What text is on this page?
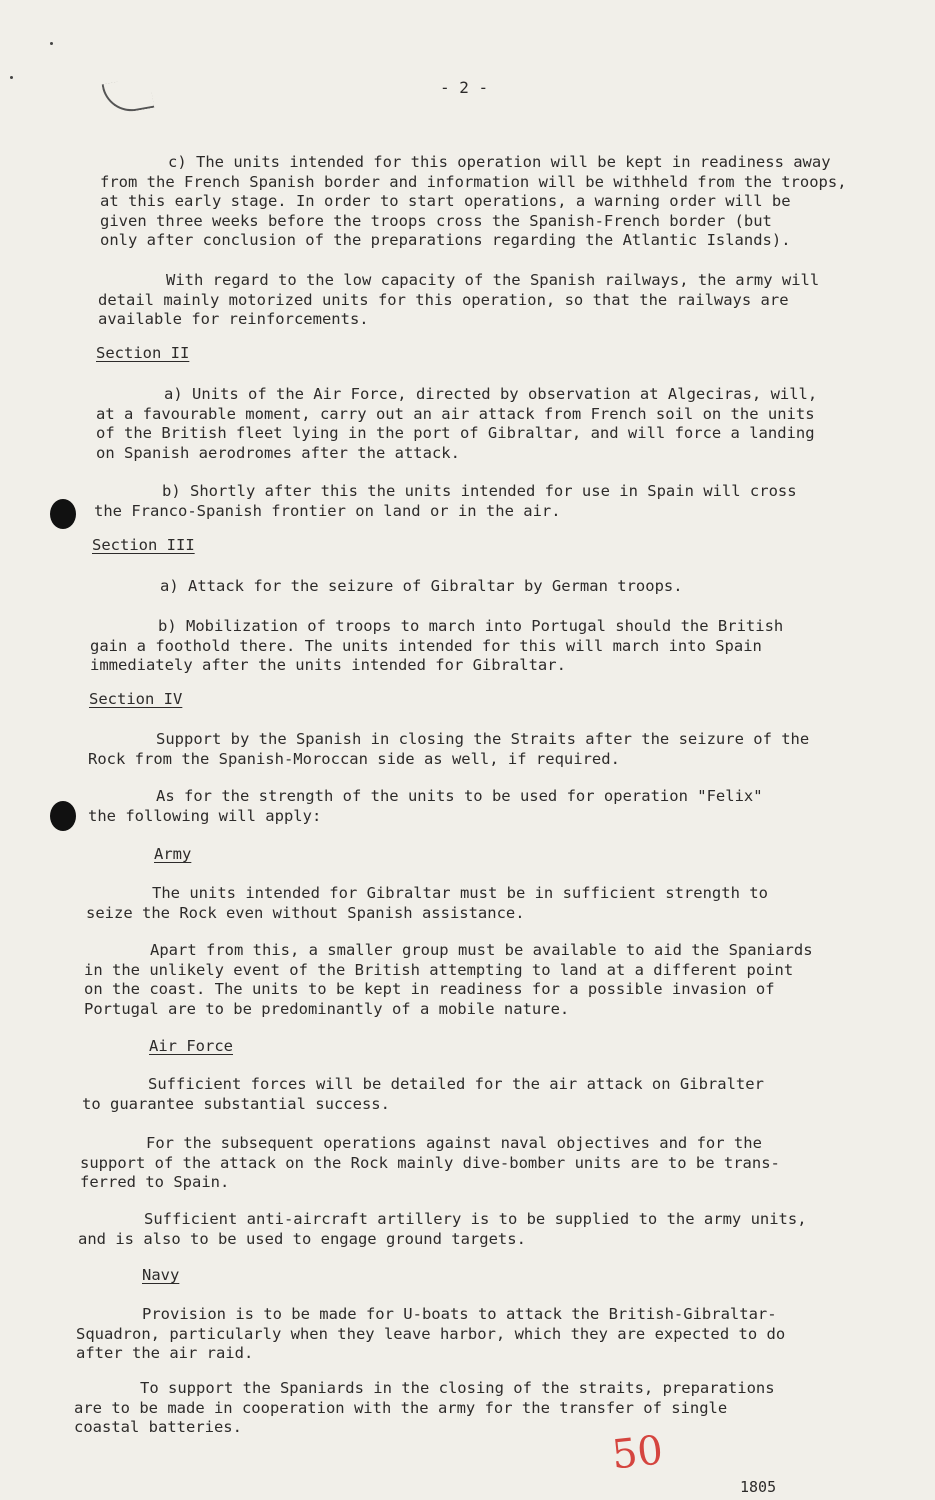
- 2 -

c) The units intended for this operation will be kept in readiness away
from the French Spanish border and information will be withheld from the troops,
at this early stage. In order to start operations, a warning order will be
given three weeks before the troops cross the Spanish-French border (but
only after conclusion of the preparations regarding the Atlantic Islands).

With regard to the low capacity of the Spanish railways, the army will
detail mainly motorized units for this operation, so that the railways are
available for reinforcements.

Section II

a) Units of the Air Force, directed by observation at Algeciras, will,
at a favourable moment, carry out an air attack from French soil on the units
of the British fleet lying in the port of Gibraltar, and will force a landing
on Spanish aerodromes after the attack.

b) Shortly after this the units intended for use in Spain will cross
the Franco-Spanish frontier on land or in the air.

Section III

a) Attack for the seizure of Gibraltar by German troops.

b) Mobilization of troops to march into Portugal should the British
gain a foothold there. The units intended for this will march into Spain
immediately after the units intended for Gibraltar.

Section IV

Support by the Spanish in closing the Straits after the seizure of the
Rock from the Spanish-Moroccan side as well, if required.

As for the strength of the units to be used for operation "Felix"
the following will apply:

Army

The units intended for Gibraltar must be in sufficient strength to
seize the Rock even without Spanish assistance.

Apart from this, a smaller group must be available to aid the Spaniards
in the unlikely event of the British attempting to land at a different point
on the coast. The units to be kept in readiness for a possible invasion of
Portugal are to be predominantly of a mobile nature.

Air Force

Sufficient forces will be detailed for the air attack on Gibralter
to guarantee substantial success.

For the subsequent operations against naval objectives and for the
support of the attack on the Rock mainly dive-bomber units are to be trans-
ferred to Spain.

Sufficient anti-aircraft artillery is to be supplied to the army units,
and is also to be used to engage ground targets.

Navy

Provision is to be made for U-boats to attack the British-Gibraltar-
Squadron, particularly when they leave harbor, which they are expected to do
after the air raid.

To support the Spaniards in the closing of the straits, preparations
are to be made in cooperation with the army for the transfer of single
coastal batteries.

50
1805
